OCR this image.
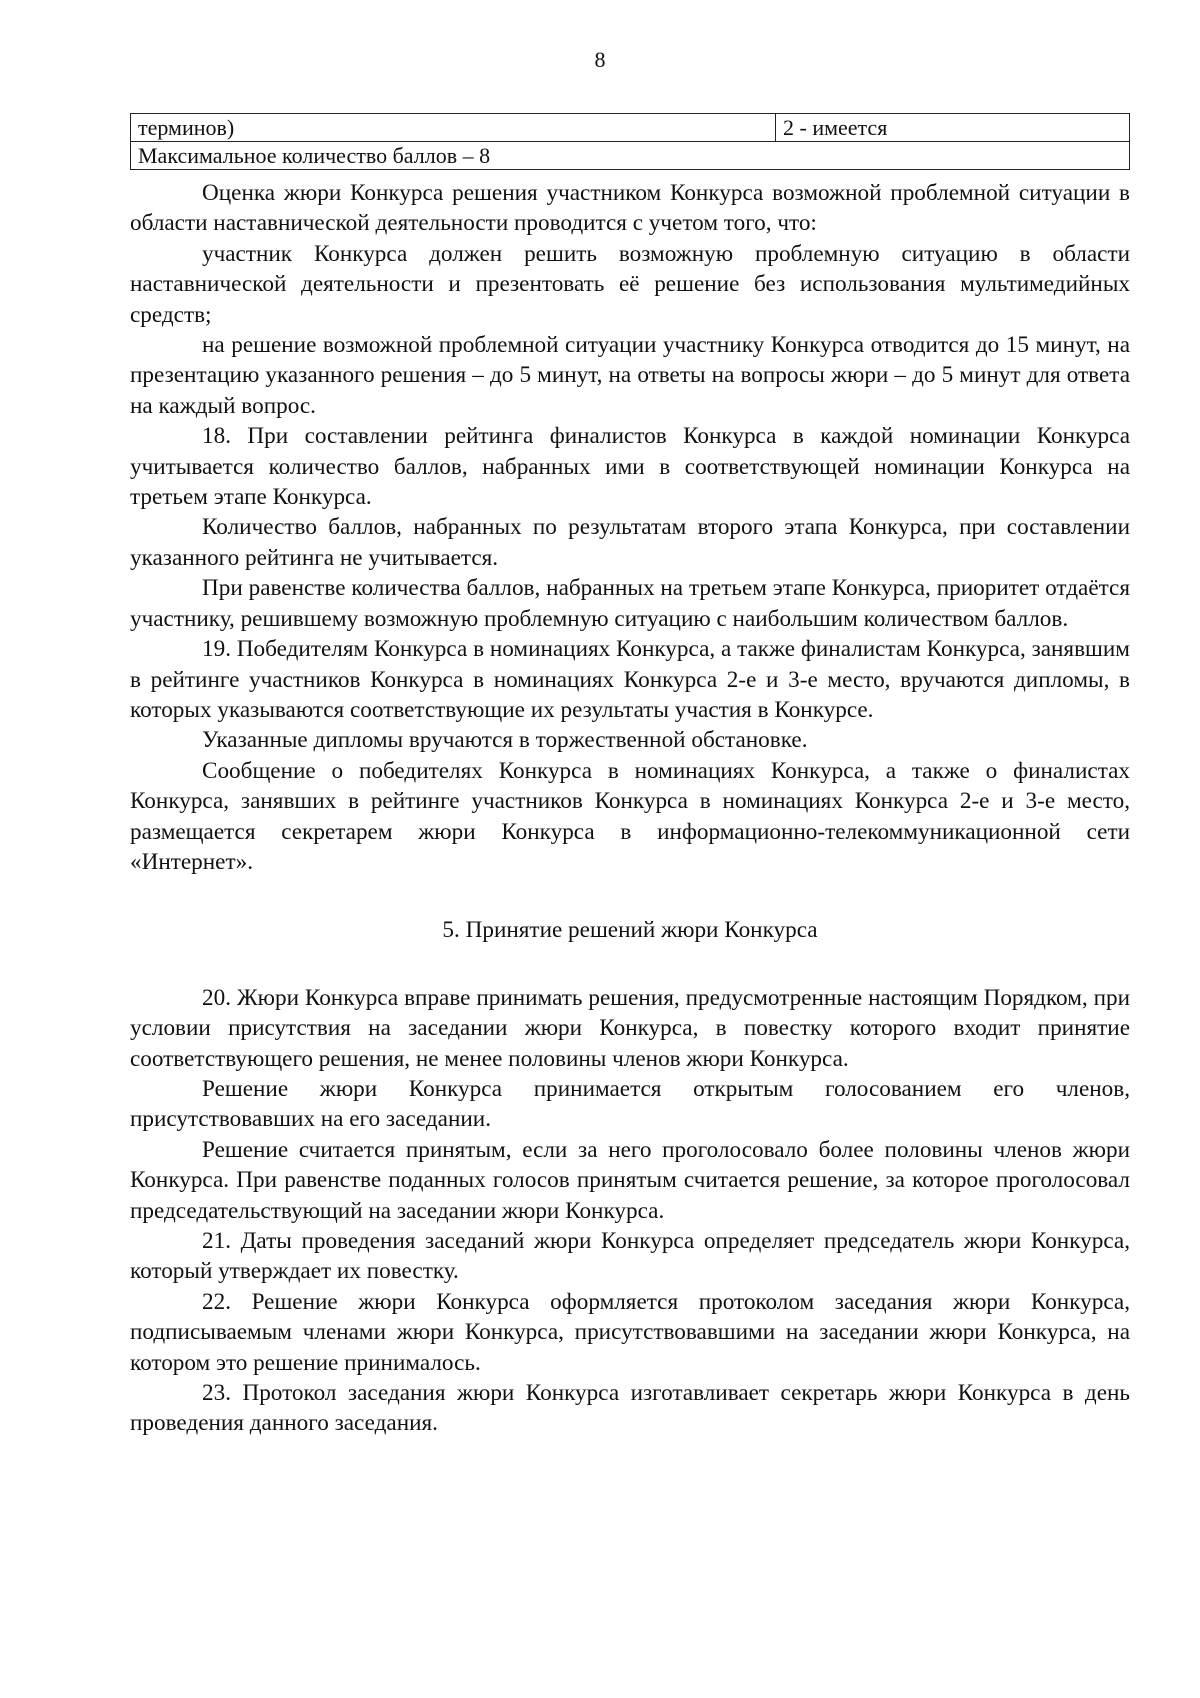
8
терминов)	2 - имеется
Максимальное количество баллов – 8

Оценка жюри Конкурса решения участником Конкурса возможной проблемной ситуации в области наставнической деятельности проводится с учетом того, что:

участник Конкурса должен решить возможную проблемную ситуацию в области наставнической деятельности и презентовать её решение без использования мультимедийных средств;

на решение возможной проблемной ситуации участнику Конкурса отводится до 15 минут, на презентацию указанного решения – до 5 минут, на ответы на вопросы жюри – до 5 минут для ответа на каждый вопрос.

18. При составлении рейтинга финалистов Конкурса в каждой номинации Конкурса учитывается количество баллов, набранных ими в соответствующей номинации Конкурса на третьем этапе Конкурса.

Количество баллов, набранных по результатам второго этапа Конкурса, при составлении указанного рейтинга не учитывается.

При равенстве количества баллов, набранных на третьем этапе Конкурса, приоритет отдаётся участнику, решившему возможную проблемную ситуацию с наибольшим количеством баллов.

19. Победителям Конкурса в номинациях Конкурса, а также финалистам Конкурса, занявшим в рейтинге участников Конкурса в номинациях Конкурса 2-е и 3-е место, вручаются дипломы, в которых указываются соответствующие их результаты участия в Конкурсе.

Указанные дипломы вручаются в торжественной обстановке.

Сообщение о победителях Конкурса в номинациях Конкурса, а также о финалистах Конкурса, занявших в рейтинге участников Конкурса в номинациях Конкурса 2-е и 3-е место, размещается секретарем жюри Конкурса в информационно-телекоммуникационной сети «Интернет».

5. Принятие решений жюри Конкурса

20. Жюри Конкурса вправе принимать решения, предусмотренные настоящим Порядком, при условии присутствия на заседании жюри Конкурса, в повестку которого входит принятие соответствующего решения, не менее половины членов жюри Конкурса.

Решение жюри Конкурса принимается открытым голосованием его членов, присутствовавших на его заседании.

Решение считается принятым, если за него проголосовало более половины членов жюри Конкурса. При равенстве поданных голосов принятым считается решение, за которое проголосовал председательствующий на заседании жюри Конкурса.

21. Даты проведения заседаний жюри Конкурса определяет председатель жюри Конкурса, который утверждает их повестку.

22. Решение жюри Конкурса оформляется протоколом заседания жюри Конкурса, подписываемым членами жюри Конкурса, присутствовавшими на заседании жюри Конкурса, на котором это решение принималось.

23. Протокол заседания жюри Конкурса изготавливает секретарь жюри Конкурса в день проведения данного заседания.
